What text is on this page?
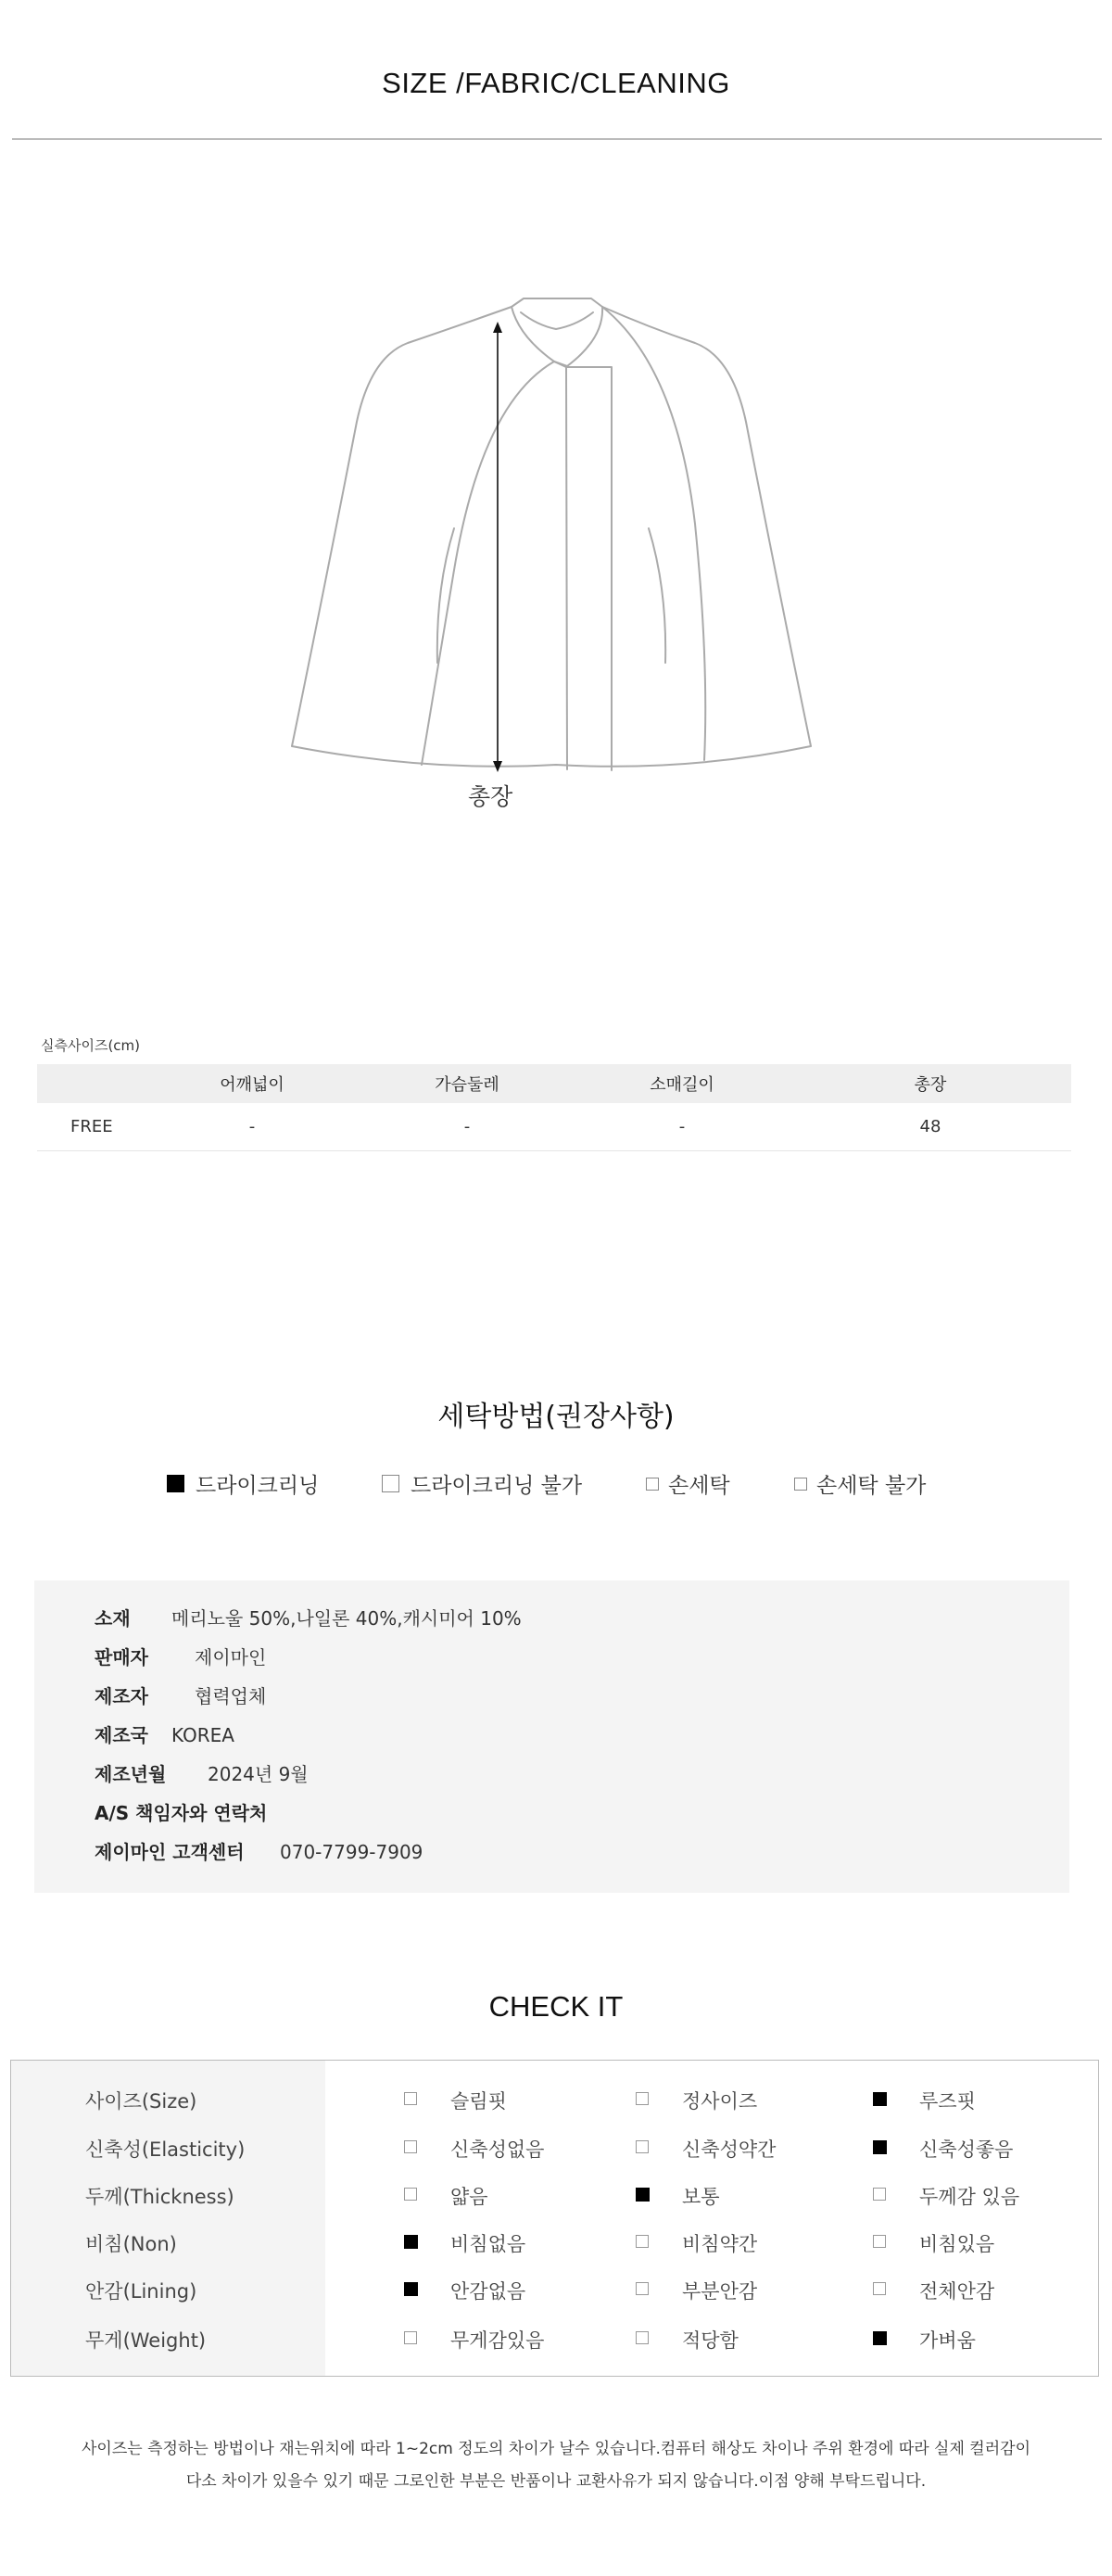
SIZE /FABRIC/CLEANING
총장
실측사이즈(cm)
	어깨넓이	가슴둘레	소매길이	총장
FREE	-	-	-	48
세탁방법(권장사항)
드라이크리닝	드라이크리닝 불가	손세탁	손세탁 불가
소재 메리노울 50%,나일론 40%,캐시미어 10%
판매자	제이마인
제조자	협력업체
제조국 KOREA
제조년월 2024년 9월
A/S 책임자와 연락처
제이마인 고객센터 070-7799-7909
CHECK IT
사이즈(Size)	슬림핏	정사이즈	루즈핏
신축성(Elasticity)	신축성없음	신축성약간	신축성좋음
두께(Thickness)	얇음	보통	두께감 있음
비침(Non)	비침없음	비침약간	비침있음
안감(Lining)	안감없음	부분안감	전체안감
무게(Weight)	무게감있음	적당함	가벼움
사이즈는 측정하는 방법이나 재는위치에 따라 1~2cm 정도의 차이가 날수 있습니다.컴퓨터 해상도 차이나 주위 환경에 따라 실제 컬러감이
다소 차이가 있을수 있기 때문 그로인한 부분은 반품이나 교환사유가 되지 않습니다.이점 양해 부탁드립니다.
